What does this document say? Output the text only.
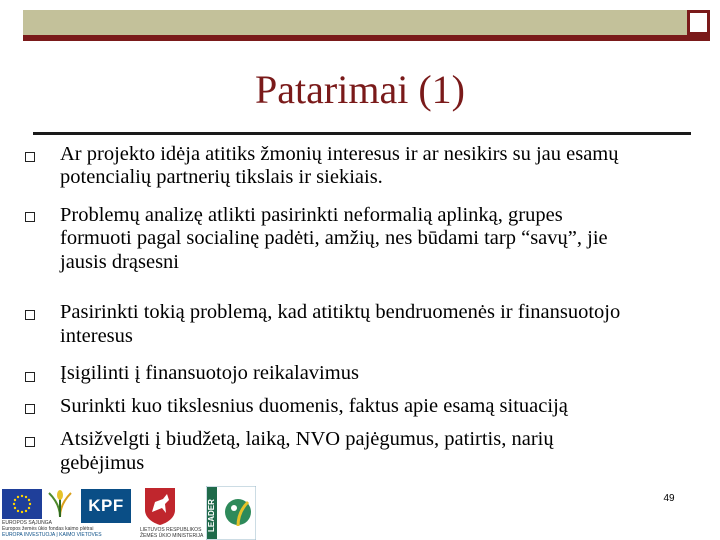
Patarimai (1)
Ar projekto idėja atitiks žmonių interesus ir ar nesikirs su jau esamų
potencialių partnerių tikslais ir siekiais.
Problemų analizę atlikti pasirinkti neformalią aplinką, grupes
formuoti pagal socialinę padėti, amžių, nes būdami tarp “savų”, jie
jausis drąsesni
Pasirinkti tokią problemą, kad atitiktų bendruomenės ir finansuotojo
interesus
Įsigilinti į finansuotojo reikalavimus
Surinkti kuo tikslesnius duomenis, faktus apie esamą situaciją
Atsižvelgti į biudžetą, laiką, NVO pajėgumus, patirtis, narių
gebėjimus
KPF	LEADER
EUROPOS SĄJUNGA
Europos žemės ūkio fondas kaimo plėtrai
EUROPA INVESTUOJA Į KAIMO VIETOVES
LIETUVOS RESPUBLIKOS
ŽEMĖS ŪKIO MINISTERIJA
49
